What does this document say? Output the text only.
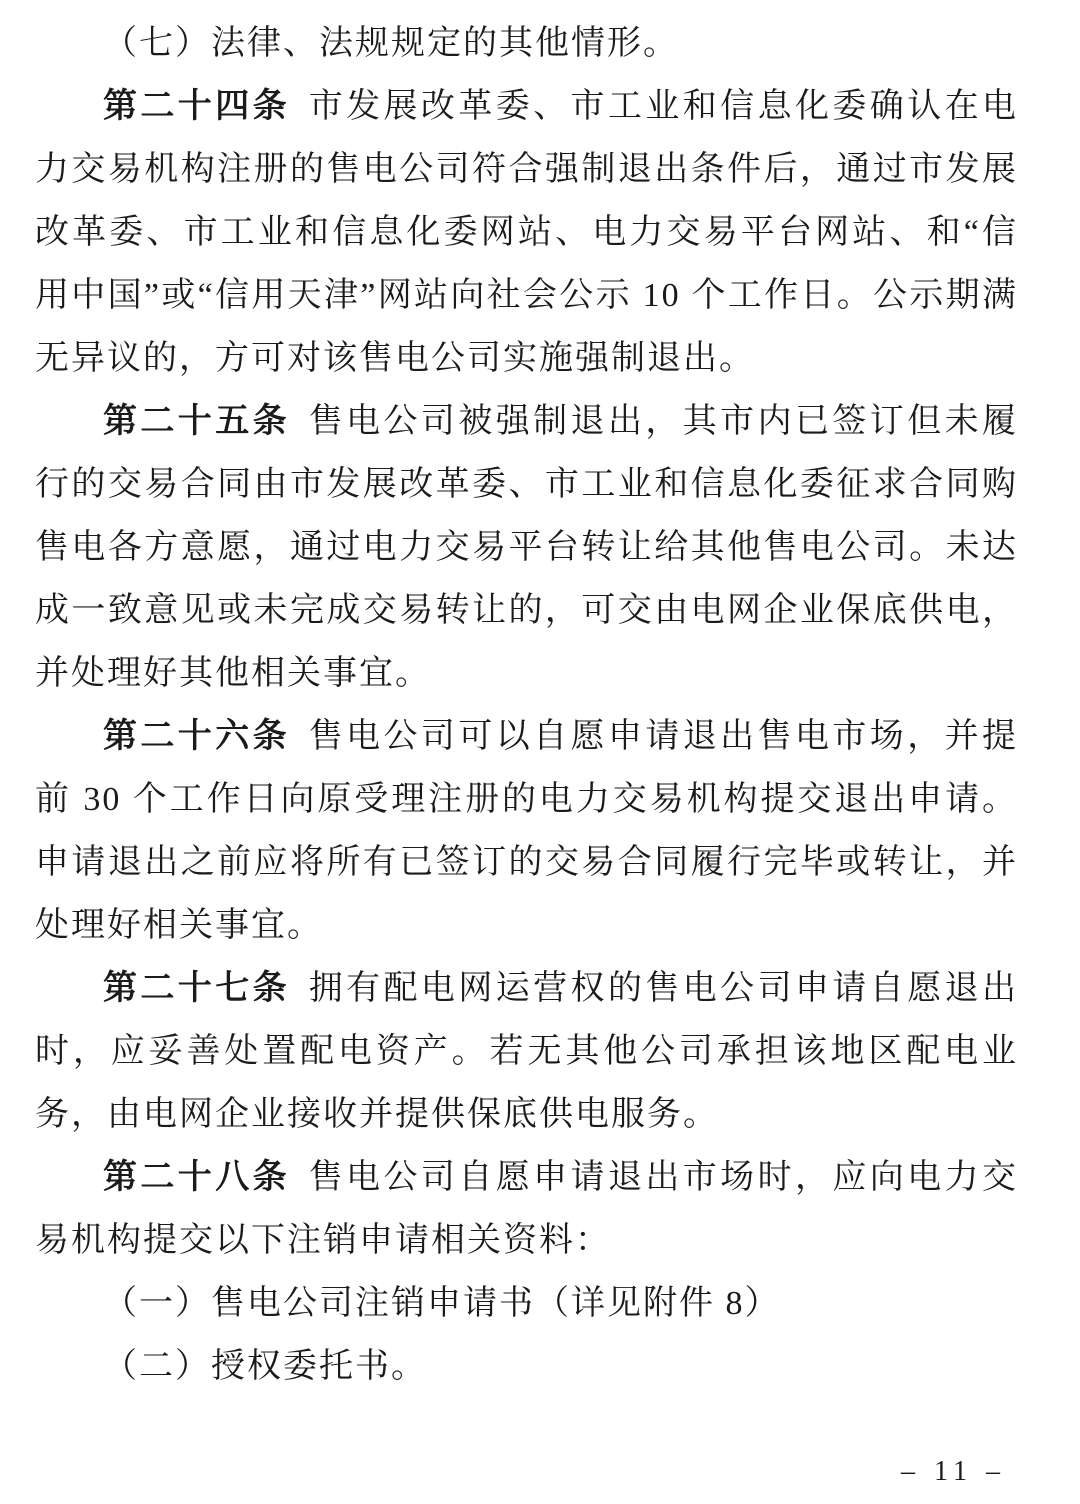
（七）法律、法规规定的其他情形。

第二十四条 市发展改革委、市工业和信息化委确认在电力交易机构注册的售电公司符合强制退出条件后，通过市发展改革委、市工业和信息化委网站、电力交易平台网站、和“信用中国”或“信用天津”网站向社会公示 10 个工作日。公示期满无异议的，方可对该售电公司实施强制退出。

第二十五条 售电公司被强制退出，其市内已签订但未履行的交易合同由市发展改革委、市工业和信息化委征求合同购售电各方意愿，通过电力交易平台转让给其他售电公司。未达成一致意见或未完成交易转让的，可交由电网企业保底供电，并处理好其他相关事宜。

第二十六条 售电公司可以自愿申请退出售电市场，并提前 30 个工作日向原受理注册的电力交易机构提交退出申请。申请退出之前应将所有已签订的交易合同履行完毕或转让，并处理好相关事宜。

第二十七条 拥有配电网运营权的售电公司申请自愿退出时，应妥善处置配电资产。若无其他公司承担该地区配电业务，由电网企业接收并提供保底供电服务。

第二十八条 售电公司自愿申请退出市场时，应向电力交易机构提交以下注销申请相关资料：

（一）售电公司注销申请书（详见附件 8）

（二）授权委托书。

– 11 –
